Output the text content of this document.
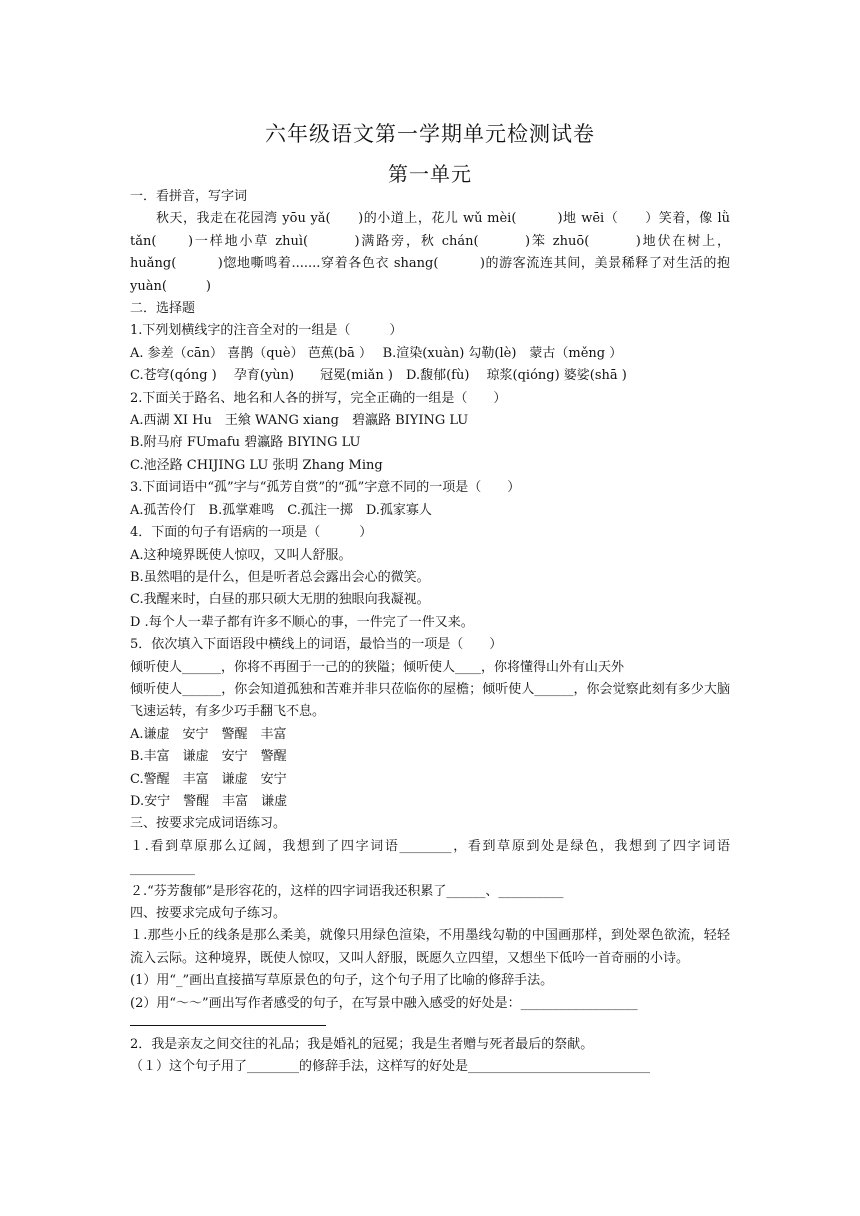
六年级语文第一学期单元检测试卷
第一单元

一．看拼音，写字词

秋天，我走在花园湾 yōu yǎ(　　)的小道上，花儿 wǔ mèi(　　　)地 wēi（　　）笑着，像 lǜ tǎn(　　)一样地小草 zhuì(　　　)满路旁，秋 chán(　　　)笨 zhuō(　　　)地伏在树上，huǎng(　　　)惚地嘶鸣着.......穿着各色衣 shang(　　　)的游客流连其间，美景稀释了对生活的抱 yuàn(　　　)

二．选择题

1.下列划横线字的注音全对的一组是（　　　）

A. 参差（cān） 喜鹊（què） 芭蕉(bā ）　 B.渲染(xuàn) 勾勒(lè)　蒙古（měng ）

C.苍穹(qóng )　 孕育(yùn)　　冠冕(miǎn )　D.馥郁(fù)　 琼浆(qióng) 婆娑(shā )

2.下面关于路名、地名和人各的拼写，完全正确的一组是（　　）

A.西湖 XI Hu　王飨 WANG xiang　碧瀛路 BIYING LU

B.附马府 FUmafu 碧瀛路 BIYING LU

C.池泾路 CHIJING LU 张明 Zhang Ming

3.下面词语中“孤”字与“孤芳自赏”的“孤”字意不同的一项是（　　）

A.孤苦伶仃　B.孤掌难鸣　C.孤注一掷　D.孤家寡人

4．下面的句子有语病的一项是（　　　）

A.这种境界既使人惊叹，又叫人舒服。

B.虽然唱的是什么，但是听者总会露出会心的微笑。

C.我醒来时，白昼的那只硕大无朋的独眼向我凝视。

D .每个人一辈子都有许多不顺心的事，一件完了一件又来。

5．依次填入下面语段中横线上的词语，最恰当的一项是（　　）

倾听使人______，你将不再囿于一己的的狭隘；倾听使人____，你将懂得山外有山天外

倾听使人______，你会知道孤独和苦难并非只莅临你的屋檐；倾听使人______，你会觉察此刻有多少大脑飞速运转，有多少巧手翻飞不息。

A.谦虚　安宁　警醒　丰富

B.丰富　谦虚　安宁　警醒

C.警醒　丰富　谦虚　安宁

D.安宁　警醒　丰富　谦虚

三、按要求完成词语练习。

１.看到草原那么辽阔，我想到了四字词语________，看到草原到处是绿色，我想到了四字词语__________

２.“芬芳馥郁”是形容花的，这样的四字词语我还积累了______、__________

四、按要求完成句子练习。

１.那些小丘的线条是那么柔美，就像只用绿色渲染，不用墨线勾勒的中国画那样，到处翠色欲流，轻轻流入云际。这种境界，既使人惊叹，又叫人舒服，既愿久立四望，又想坐下低吟一首奇丽的小诗。

(1）用“_”画出直接描写草原景色的句子，这个句子用了比喻的修辞手法。

(2）用“～～”画出写作者感受的句子，在写景中融入感受的好处是：__________________

2．我是亲友之间交往的礼品；我是婚礼的冠冕；我是生者赠与死者最后的祭献。

（１）这个句子用了________的修辞手法，这样写的好处是____________________________
